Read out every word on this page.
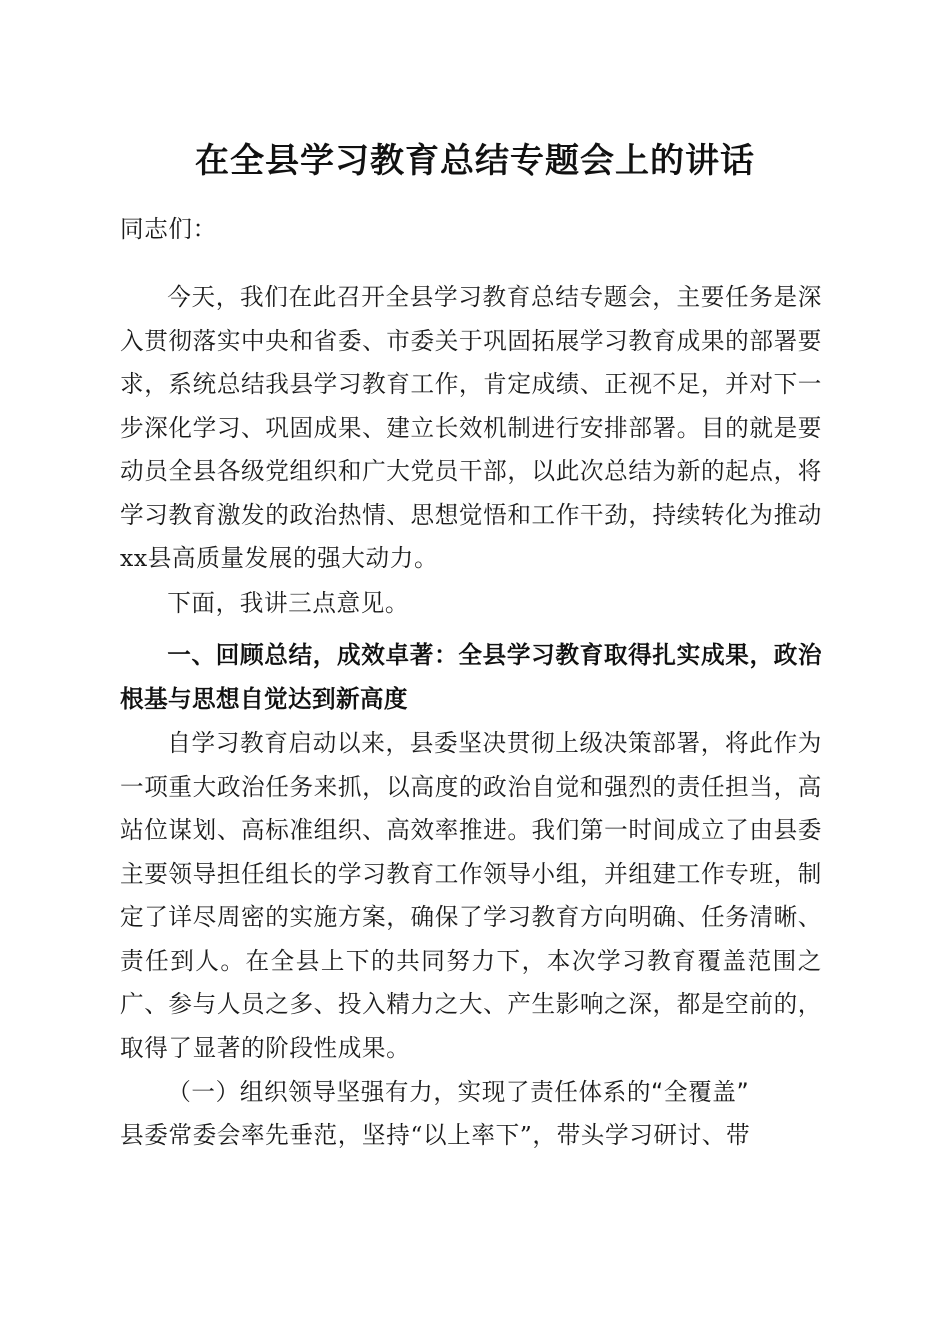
在全县学习教育总结专题会上的讲话
同志们：

今天，我们在此召开全县学习教育总结专题会，主要任务是深入贯彻落实中央和省委、市委关于巩固拓展学习教育成果的部署要求，系统总结我县学习教育工作，肯定成绩、正视不足，并对下一步深化学习、巩固成果、建立长效机制进行安排部署。目的就是要动员全县各级党组织和广大党员干部，以此次总结为新的起点，将学习教育激发的政治热情、思想觉悟和工作干劲，持续转化为推动xx县高质量发展的强大动力。

下面，我讲三点意见。

一、回顾总结，成效卓著：全县学习教育取得扎实成果，政治根基与思想自觉达到新高度

自学习教育启动以来，县委坚决贯彻上级决策部署，将此作为一项重大政治任务来抓，以高度的政治自觉和强烈的责任担当，高站位谋划、高标准组织、高效率推进。我们第一时间成立了由县委主要领导担任组长的学习教育工作领导小组，并组建工作专班，制定了详尽周密的实施方案，确保了学习教育方向明确、任务清晰、责任到人。在全县上下的共同努力下，本次学习教育覆盖范围之广、参与人员之多、投入精力之大、产生影响之深，都是空前的，取得了显著的阶段性成果。

（一）组织领导坚强有力，实现了责任体系的“全覆盖”

县委常委会率先垂范，坚持“以上率下”，带头学习研讨、带
